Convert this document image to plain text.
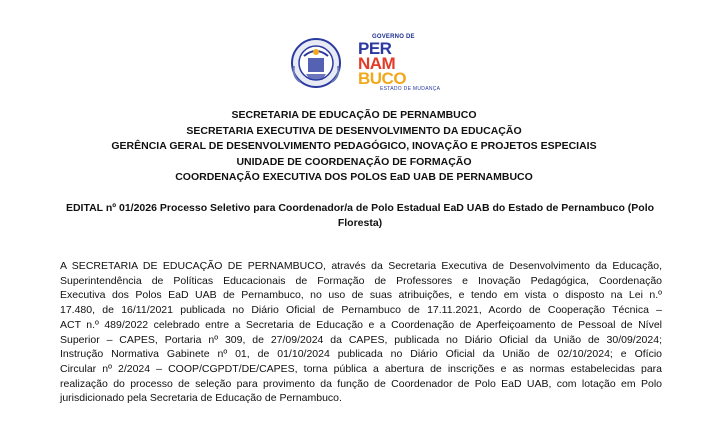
GOVERNO DE
PER
NAM
BUCO
ESTADO DE MUDANÇA
SECRETARIA DE EDUCAÇÃO DE PERNAMBUCO
SECRETARIA EXECUTIVA DE DESENVOLVIMENTO DA EDUCAÇÃO
GERÊNCIA GERAL DE DESENVOLVIMENTO PEDAGÓGICO, INOVAÇÃO E PROJETOS ESPECIAIS
UNIDADE DE COORDENAÇÃO DE FORMAÇÃO
COORDENAÇÃO EXECUTIVA DOS POLOS EaD UAB DE PERNAMBUCO
EDITAL nº 01/2026 Processo Seletivo para Coordenador/a de Polo Estadual EaD UAB do Estado de Pernambuco (Polo
Floresta)
A SECRETARIA DE EDUCAÇÃO DE PERNAMBUCO, através da Secretaria Executiva de Desenvolvimento da Educação,
Superintendência de Políticas Educacionais de Formação de Professores e Inovação Pedagógica, Coordenação
Executiva dos Polos EaD UAB de Pernambuco, no uso de suas atribuições, e tendo em vista o disposto na Lei n.º
17.480, de 16/11/2021 publicada no Diário Oficial de Pernambuco de 17.11.2021, Acordo de Cooperação Técnica –
ACT n.º 489/2022 celebrado entre a Secretaria de Educação e a Coordenação de Aperfeiçoamento de Pessoal de Nível
Superior – CAPES, Portaria nº 309, de 27/09/2024 da CAPES, publicada no Diário Oficial da União de 30/09/2024;
Instrução Normativa Gabinete nº 01, de 01/10/2024 publicada no Diário Oficial da União de 02/10/2024; e Ofício
Circular nº 2/2024 – COOP/CGPDT/DE/CAPES, torna pública a abertura de inscrições e as normas estabelecidas para
realização do processo de seleção para provimento da função de Coordenador de Polo EaD UAB, com lotação em Polo
jurisdicionado pela Secretaria de Educação de Pernambuco.
